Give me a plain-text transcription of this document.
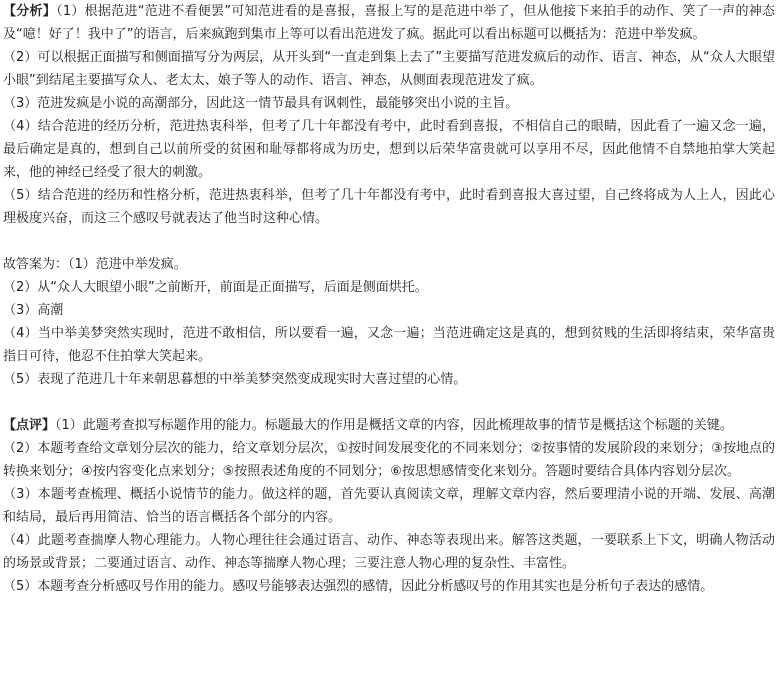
【分析】（1）根据范进“范进不看便罢”可知范进看的是喜报，喜报上写的是范进中举了，但从他接下来拍手的动作、笑了一声的神态及“噫！好了！我中了”的语言，后来疯跑到集市上等可以看出范进发了疯。据此可以看出标题可以概括为：范进中举发疯。

（2）可以根据正面描写和侧面描写分为两层，从开头到“一直走到集上去了”主要描写范进发疯后的动作、语言、神态，从“众人大眼望小眼”到结尾主要描写众人、老太太、娘子等人的动作、语言、神态，从侧面表现范进发了疯。

（3）范进发疯是小说的高潮部分，因此这一情节最具有讽刺性，最能够突出小说的主旨。

（4）结合范进的经历分析，范进热衷科举，但考了几十年都没有考中，此时看到喜报，不相信自己的眼睛，因此看了一遍又念一遍，最后确定是真的，想到自己以前所受的贫困和耻辱都将成为历史，想到以后荣华富贵就可以享用不尽，因此他情不自禁地拍掌大笑起来，他的神经已经受了很大的刺激。

（5）结合范进的经历和性格分析，范进热衷科举，但考了几十年都没有考中，此时看到喜报大喜过望，自己终将成为人上人，因此心理极度兴奋，而这三个感叹号就表达了他当时这种心情。

故答案为：（1）范进中举发疯。

（2）从“众人大眼望小眼”之前断开，前面是正面描写，后面是侧面烘托。

（3）高潮

（4）当中举美梦突然实现时，范进不敢相信，所以要看一遍，又念一遍；当范进确定这是真的，想到贫贱的生活即将结束，荣华富贵指日可待，他忍不住拍掌大笑起来。

（5）表现了范进几十年来朝思暮想的中举美梦突然变成现实时大喜过望的心情。

【点评】（1）此题考查拟写标题作用的能力。标题最大的作用是概括文章的内容，因此梳理故事的情节是概括这个标题的关键。

（2）本题考查给文章划分层次的能力，给文章划分层次，①按时间发展变化的不同来划分；②按事情的发展阶段的来划分；③按地点的转换来划分；④按内容变化点来划分；⑤按照表述角度的不同划分；⑥按思想感情变化来划分。答题时要结合具体内容划分层次。

（3）本题考查梳理、概括小说情节的能力。做这样的题，首先要认真阅读文章，理解文章内容，然后要理清小说的开端、发展、高潮和结局，最后再用简洁、恰当的语言概括各个部分的内容。

（4）此题考查揣摩人物心理能力。人物心理往往会通过语言、动作、神态等表现出来。解答这类题，一要联系上下文，明确人物活动的场景或背景；二要通过语言、动作、神态等揣摩人物心理；三要注意人物心理的复杂性、丰富性。

（5）本题考查分析感叹号作用的能力。感叹号能够表达强烈的感情，因此分析感叹号的作用其实也是分析句子表达的感情。
